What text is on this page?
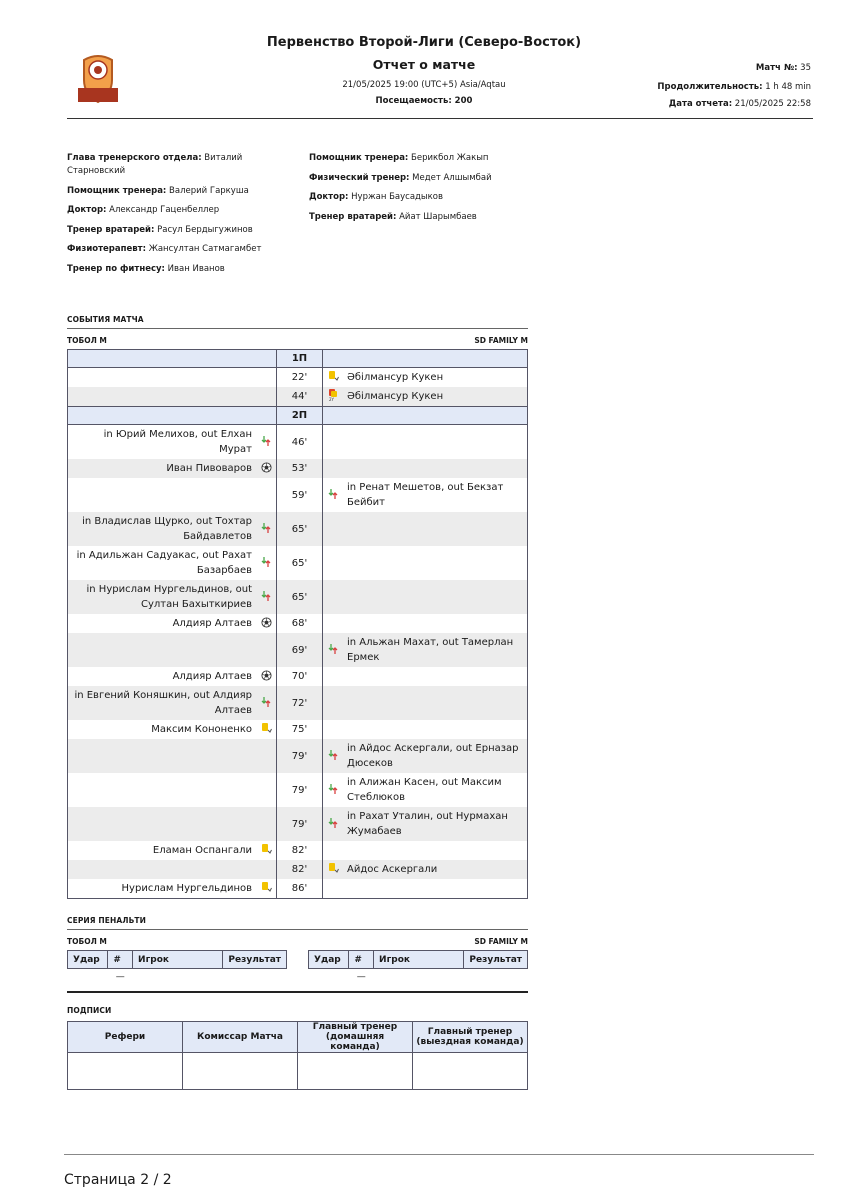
Первенство Второй-Лиги (Северо-Восток)
Отчет о матче
21/05/2025 19:00 (UTC+5) Asia/Aqtau
Посещаемость: 200
Матч №: 35
Продолжительность: 1 h 48 min
Дата отчета: 21/05/2025 22:58
Глава тренерского отдела: Виталий Старновский
Помощник тренера: Валерий Гаркуша
Доктор: Александр Гаценбеллер
Тренер вратарей: Расул Бердыгужинов
Физиотерапевт: Жансултан Сатмагамбет
Тренер по фитнесу: Иван Иванов
Помощник тренера: Берикбол Жакып
Физический тренер: Медет Алшымбай
Доктор: Нуржан Баусадыков
Тренер вратарей: Айат Шарымбаев
СОБЫТИЯ МАТЧА
ТОБОЛ М	SD FAMILY M
		1П		
		22'		Әбілмансур Кукен
		44'	2Y	Әбілмансур Кукен
		2П		
in Юрий Мелихов, out Елхан Мурат		46'		
Иван Пивоваров		53'		
		59'		in Ренат Мешетов, out Бекзат Бейбит
in Владислав Щурко, out Тохтар Байдавлетов		65'		
in Адильжан Садуакас, out Рахат Базарбаев		65'		
in Нурислам Нургельдинов, out Султан Бахыткириев		65'		
Алдияр Алтаев		68'		
		69'		in Альжан Махат, out Тамерлан Ермек
Алдияр Алтаев		70'		
in Евгений Коняшкин, out Алдияр Алтаев		72'		
Максим Кононенко		75'		
		79'		in Айдос Аскергали, out Ерназар Дюсеков
		79'		in Алижан Касен, out Максим Стеблюков
		79'		in Рахат Уталин, out Нурмахан Жумабаев
Еламан Оспангали		82'		
		82'		Айдос Аскергали
Нурислам Нургельдинов		86'		
СЕРИЯ ПЕНАЛЬТИ
ТОБОЛ М	SD FAMILY M
Удар	#	Игрок	Результат
	—		
Удар	#	Игрок	Результат
	—		
ПОДПИСИ
Рефери	Комиссар Матча	Главный тренер (домашняя команда)	Главный тренер (выездная команда)

Страница 2 / 2
